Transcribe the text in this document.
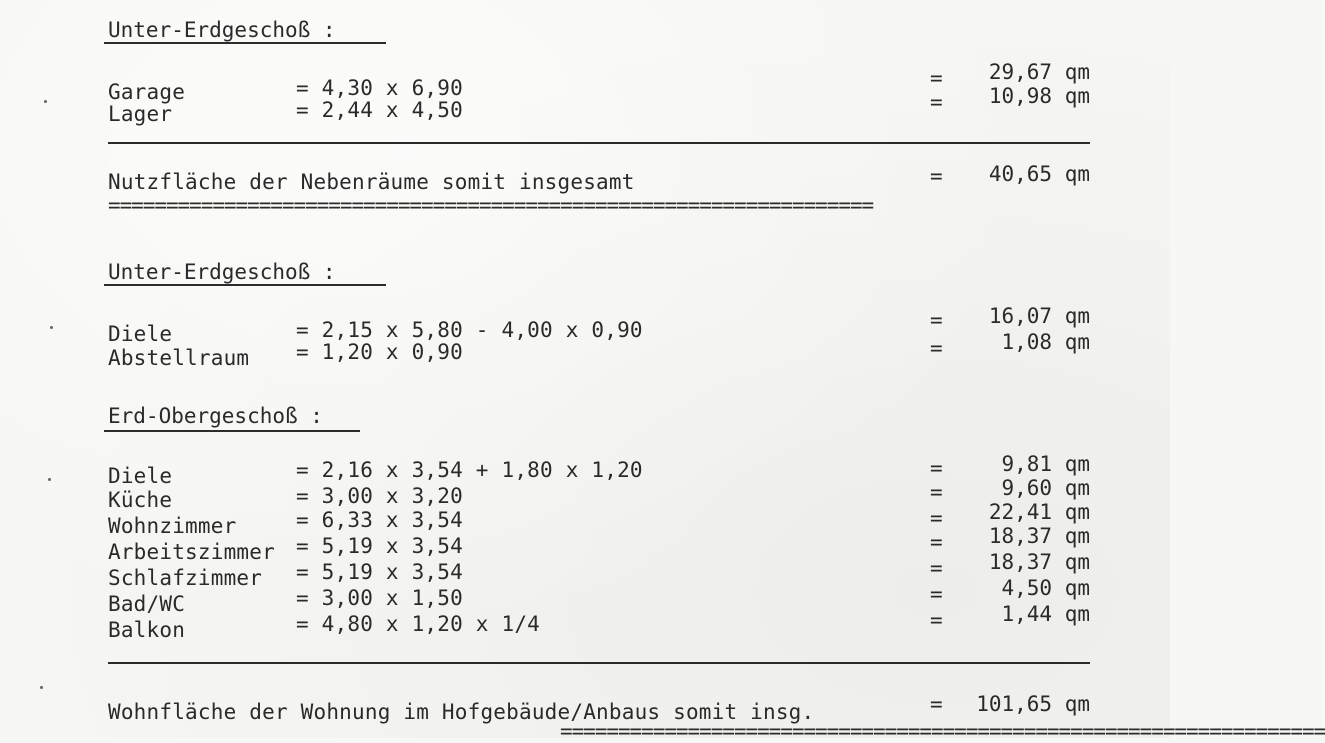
Unter-Erdgeschoß :
Garage	= 4,30 x 6,90	= 29,67 qm
Lager	= 2,44 x 4,50	= 10,98 qm
Nutzfläche der Nebenräume somit insgesamt	= 40,65 qm
==================================================================
Unter-Erdgeschoß :
Diele	= 2,15 x 5,80 - 4,00 x 0,90	= 16,07 qm
Abstellraum = 1,20 x 0,90	=	1,08 qm
Erd-Obergeschoß :
Diele	= 2,16 x 3,54 + 1,80 x 1,20	=	9,81 qm
Küche	= 3,00 x 3,20	=	9,60 qm
Wohnzimmer	= 6,33 x 3,54	= 22,41 qm
Arbeitszimmer = 5,19 x 3,54	= 18,37 qm
Schlafzimmer = 5,19 x 3,54	= 18,37 qm
Bad/WC	= 3,00 x 1,50	=	4,50 qm
Balkon	= 4,80 x 1,20 x 1/4	=	1,44 qm
Wohnfläche der Wohnung im Hofgebäude/Anbaus somit insg.	= 101,65 qm
==================================================================
